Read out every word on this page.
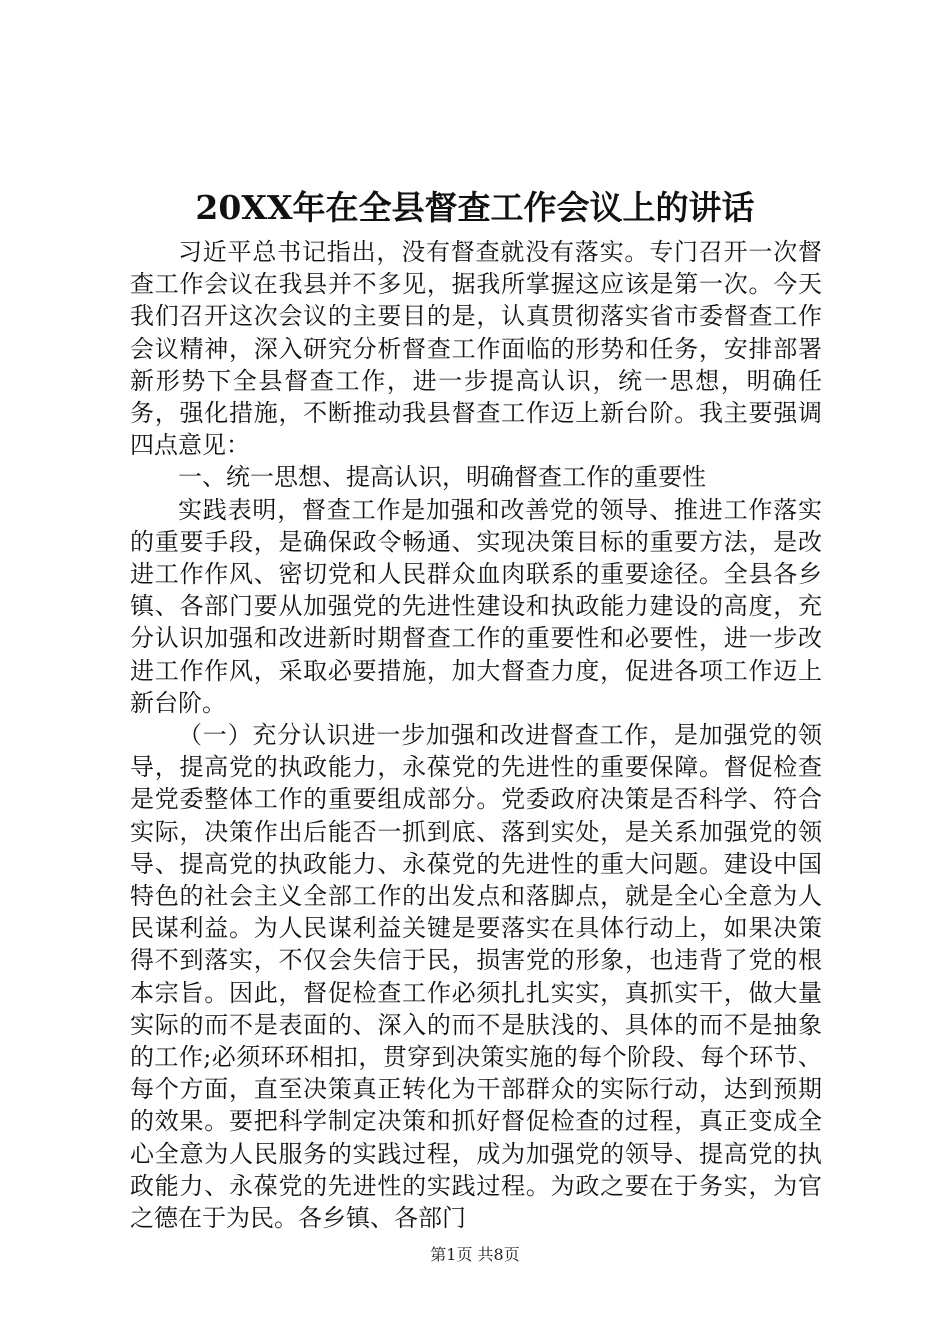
20XX年在全县督查工作会议上的讲话

习近平总书记指出，没有督查就没有落实。专门召开一次督查工作会议在我县并不多见，据我所掌握这应该是第一次。今天我们召开这次会议的主要目的是，认真贯彻落实省市委督查工作会议精神，深入研究分析督查工作面临的形势和任务，安排部署新形势下全县督查工作，进一步提高认识，统一思想，明确任务，强化措施，不断推动我县督查工作迈上新台阶。我主要强调四点意见：

一、统一思想、提高认识，明确督查工作的重要性

实践表明，督查工作是加强和改善党的领导、推进工作落实的重要手段，是确保政令畅通、实现决策目标的重要方法，是改进工作作风、密切党和人民群众血肉联系的重要途径。全县各乡镇、各部门要从加强党的先进性建设和执政能力建设的高度，充分认识加强和改进新时期督查工作的重要性和必要性，进一步改进工作作风，采取必要措施，加大督查力度，促进各项工作迈上新台阶。

（一）充分认识进一步加强和改进督查工作，是加强党的领导，提高党的执政能力，永葆党的先进性的重要保障。督促检查是党委整体工作的重要组成部分。党委政府决策是否科学、符合实际，决策作出后能否一抓到底、落到实处，是关系加强党的领导、提高党的执政能力、永葆党的先进性的重大问题。建设中国特色的社会主义全部工作的出发点和落脚点，就是全心全意为人民谋利益。为人民谋利益关键是要落实在具体行动上，如果决策得不到落实，不仅会失信于民，损害党的形象，也违背了党的根本宗旨。因此，督促检查工作必须扎扎实实，真抓实干，做大量实际的而不是表面的、深入的而不是肤浅的、具体的而不是抽象的工作;必须环环相扣，贯穿到决策实施的每个阶段、每个环节、每个方面，直至决策真正转化为干部群众的实际行动，达到预期的效果。要把科学制定决策和抓好督促检查的过程，真正变成全心全意为人民服务的实践过程，成为加强党的领导、提高党的执政能力、永葆党的先进性的实践过程。为政之要在于务实，为官之德在于为民。各乡镇、各部门

第1页 共8页
